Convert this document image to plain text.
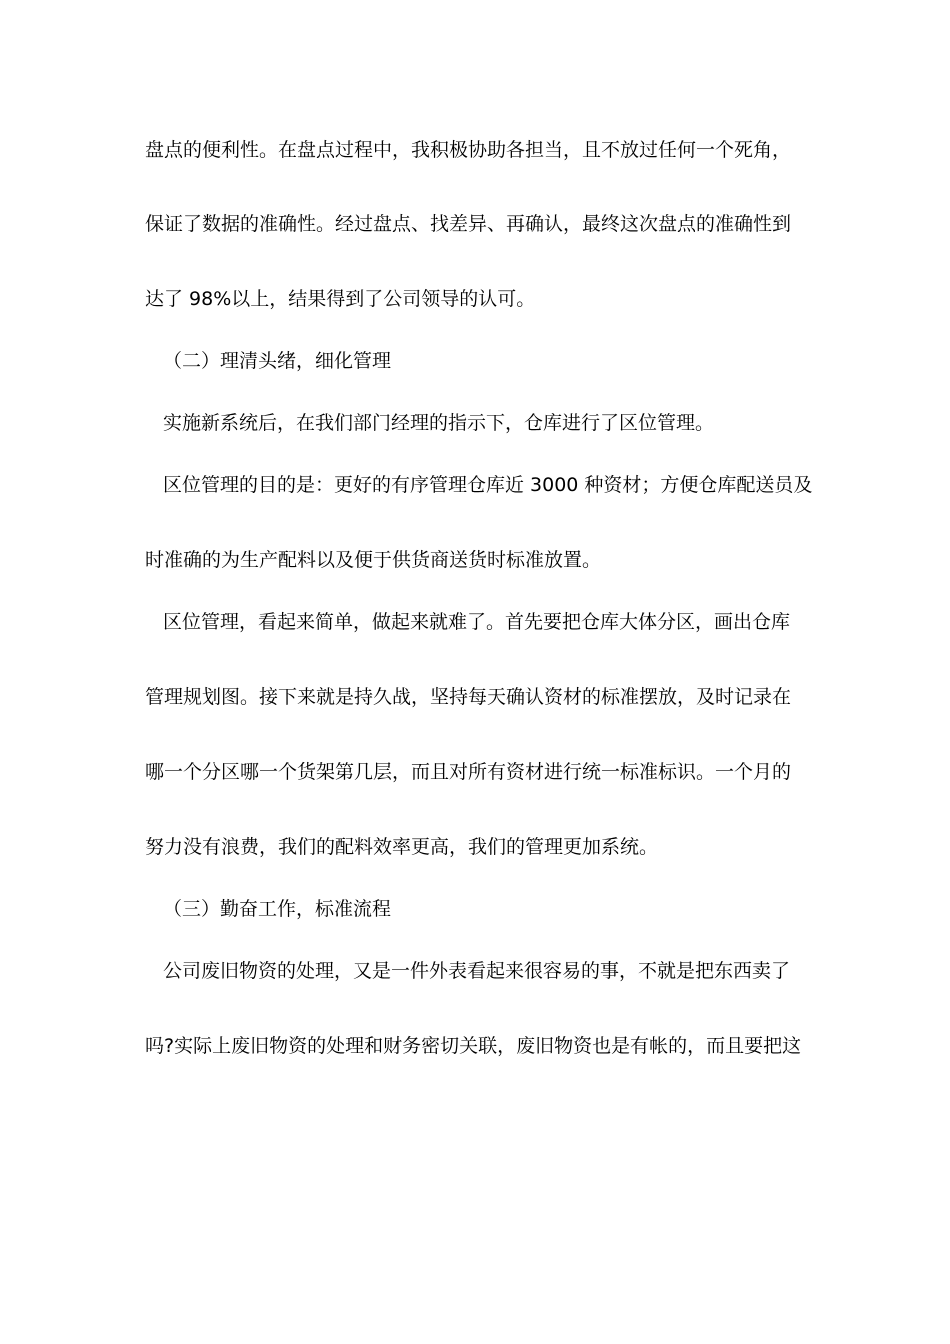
盘点的便利性。在盘点过程中，我积极协助各担当，且不放过任何一个死角，
保证了数据的准确性。经过盘点、找差异、再确认，最终这次盘点的准确性到
达了 98%以上，结果得到了公司领导的认可。
（二）理清头绪，细化管理
实施新系统后，在我们部门经理的指示下，仓库进行了区位管理。
区位管理的目的是：更好的有序管理仓库近 3000 种资材；方便仓库配送员及
时准确的为生产配料以及便于供货商送货时标准放置。
区位管理，看起来简单，做起来就难了。首先要把仓库大体分区，画出仓库
管理规划图。接下来就是持久战，坚持每天确认资材的标准摆放，及时记录在
哪一个分区哪一个货架第几层，而且对所有资材进行统一标准标识。一个月的
努力没有浪费，我们的配料效率更高，我们的管理更加系统。
（三）勤奋工作，标准流程
公司废旧物资的处理，又是一件外表看起来很容易的事，不就是把东西卖了
吗?实际上废旧物资的处理和财务密切关联，废旧物资也是有帐的，而且要把这
